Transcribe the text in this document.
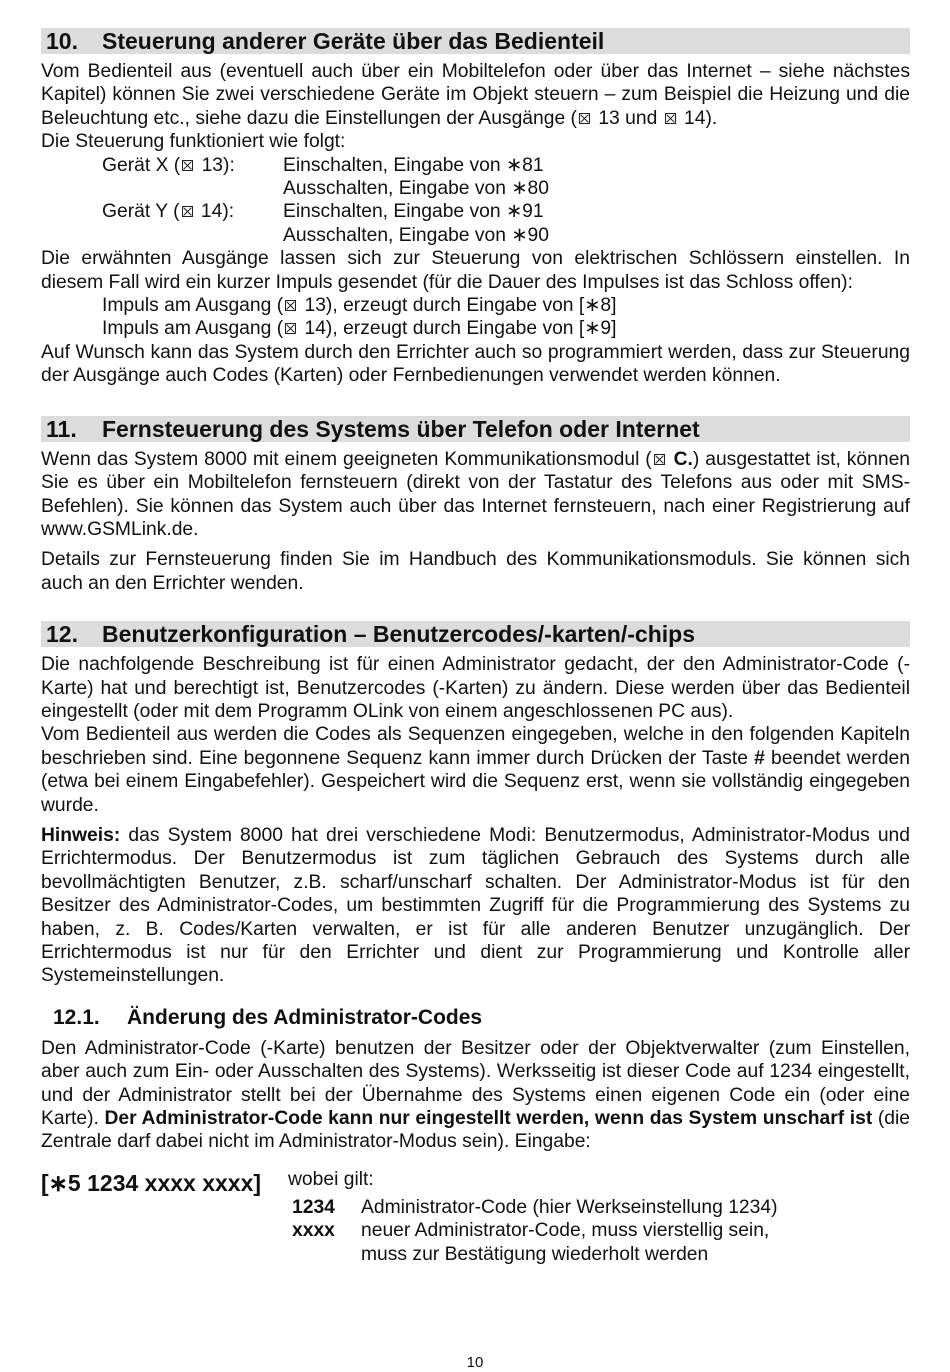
10. Steuerung anderer Geräte über das Bedienteil

Vom Bedienteil aus (eventuell auch über ein Mobiltelefon oder über das Internet – siehe nächstes Kapitel) können Sie zwei verschiedene Geräte im Objekt steuern – zum Beispiel die Heizung und die Beleuchtung etc., siehe dazu die Einstellungen der Ausgänge ( 13 und 14).

Die Steuerung funktioniert wie folgt:

Gerät X ( 13):	Einschalten, Eingabe von ∗81
Ausschalten, Eingabe von ∗80
Gerät Y ( 14):	Einschalten, Eingabe von ∗91
Ausschalten, Eingabe von ∗90

Die erwähnten Ausgänge lassen sich zur Steuerung von elektrischen Schlössern einstellen. In diesem Fall wird ein kurzer Impuls gesendet (für die Dauer des Impulses ist das Schloss offen):

Impuls am Ausgang ( 13), erzeugt durch Eingabe von [∗8]
Impuls am Ausgang ( 14), erzeugt durch Eingabe von [∗9]

Auf Wunsch kann das System durch den Errichter auch so programmiert werden, dass zur Steuerung der Ausgänge auch Codes (Karten) oder Fernbedienungen verwendet werden können.

11. Fernsteuerung des Systems über Telefon oder Internet

Wenn das System 8000 mit einem geeigneten Kommunikationsmodul ( C.) ausgestattet ist, können Sie es über ein Mobiltelefon fernsteuern (direkt von der Tastatur des Telefons aus oder mit SMS-Befehlen). Sie können das System auch über das Internet fernsteuern, nach einer Registrierung auf www.GSMLink.de.

Details zur Fernsteuerung finden Sie im Handbuch des Kommunikationsmoduls. Sie können sich auch an den Errichter wenden.

12. Benutzerkonfiguration – Benutzercodes/-karten/-chips

Die nachfolgende Beschreibung ist für einen Administrator gedacht, der den Administrator-Code (-Karte) hat und berechtigt ist, Benutzercodes (-Karten) zu ändern. Diese werden über das Bedienteil eingestellt (oder mit dem Programm OLink von einem angeschlossenen PC aus).

Vom Bedienteil aus werden die Codes als Sequenzen eingegeben, welche in den folgenden Kapiteln beschrieben sind. Eine begonnene Sequenz kann immer durch Drücken der Taste # beendet werden (etwa bei einem Eingabefehler). Gespeichert wird die Sequenz erst, wenn sie vollständig eingegeben wurde.

Hinweis: das System 8000 hat drei verschiedene Modi: Benutzermodus, Administrator-Modus und Errichtermodus. Der Benutzermodus ist zum täglichen Gebrauch des Systems durch alle bevollmächtigten Benutzer, z.B. scharf/unscharf schalten. Der Administrator-Modus ist für den Besitzer des Administrator-Codes, um bestimmten Zugriff für die Programmierung des Systems zu haben, z. B. Codes/Karten verwalten, er ist für alle anderen Benutzer unzugänglich. Der Errichtermodus ist nur für den Errichter und dient zur Programmierung und Kontrolle aller Systemeinstellungen.

12.1. Änderung des Administrator-Codes

Den Administrator-Code (-Karte) benutzen der Besitzer oder der Objektverwalter (zum Einstellen, aber auch zum Ein- oder Ausschalten des Systems). Werksseitig ist dieser Code auf 1234 eingestellt, und der Administrator stellt bei der Übernahme des Systems einen eigenen Code ein (oder eine Karte). Der Administrator-Code kann nur eingestellt werden, wenn das System unscharf ist (die Zentrale darf dabei nicht im Administrator-Modus sein). Eingabe:

[∗5 1234 xxxx xxxx]	wobei gilt:
1234	Administrator-Code (hier Werkseinstellung 1234)
xxxx	neuer Administrator-Code, muss vierstellig sein,
muss zur Bestätigung wiederholt werden
10
